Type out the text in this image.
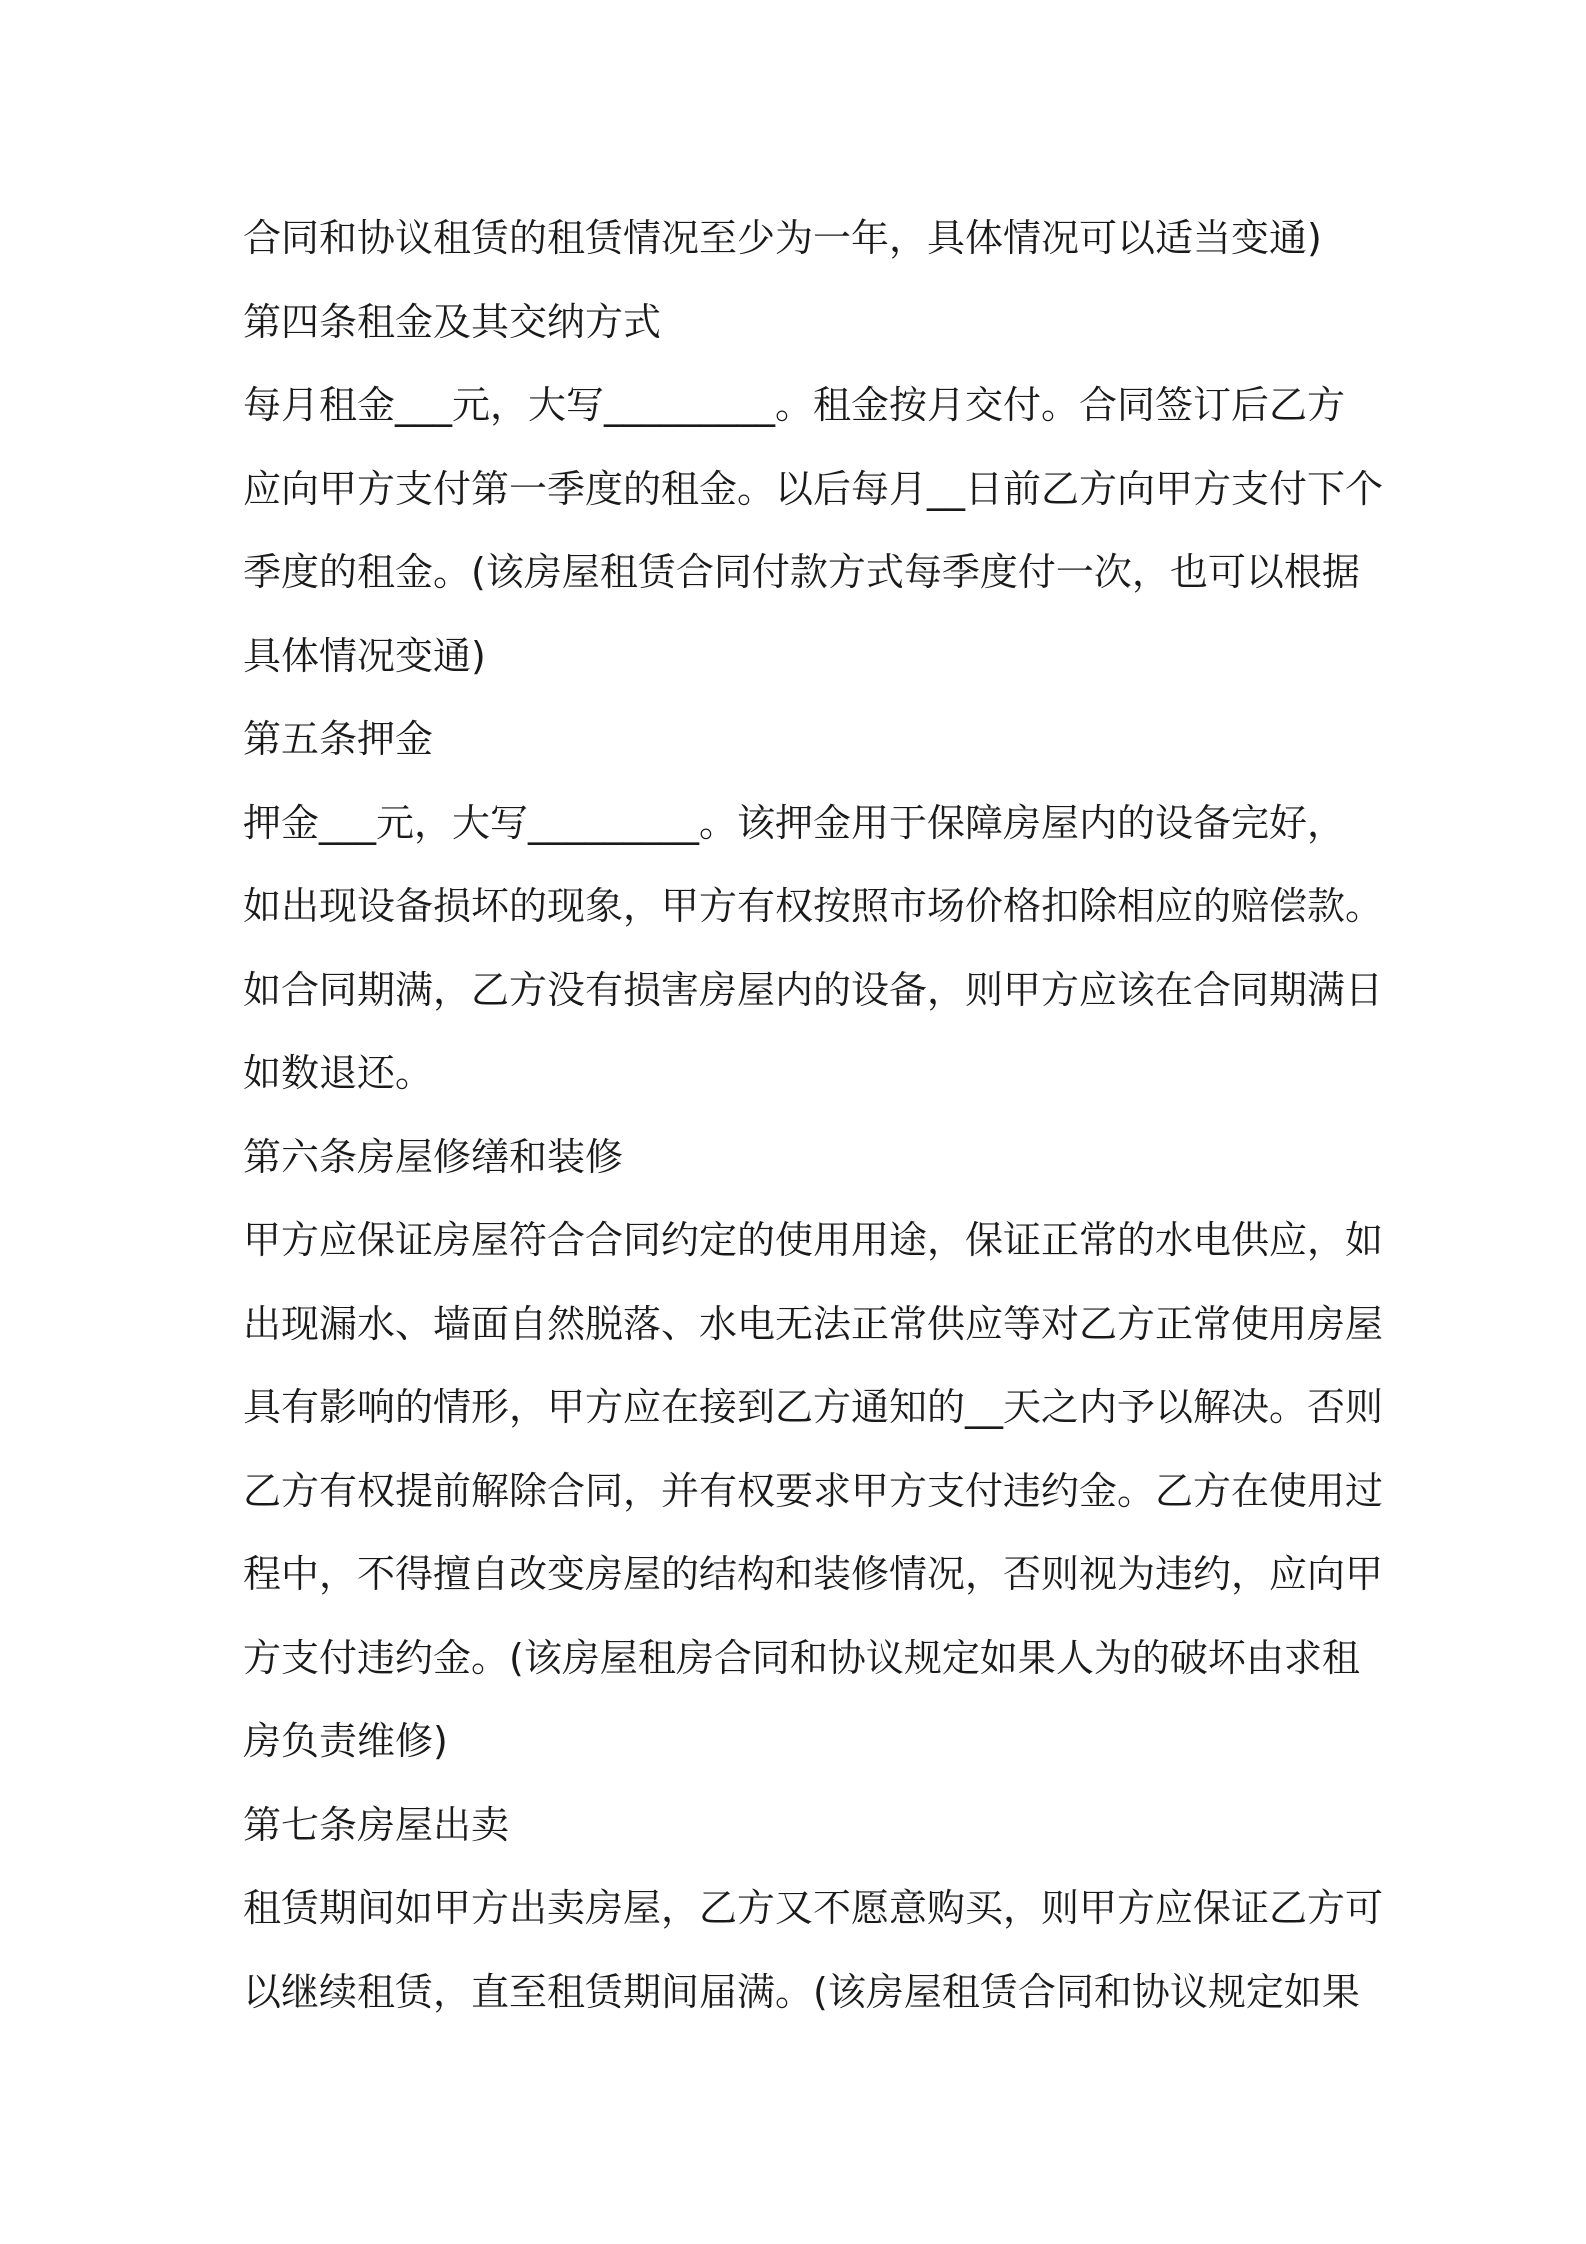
合同和协议租赁的租赁情况至少为一年，具体情况可以适当变通)
第四条租金及其交纳方式
每月租金___元，大写_________。租金按月交付。合同签订后乙方
应向甲方支付第一季度的租金。以后每月__日前乙方向甲方支付下个
季度的租金。(该房屋租赁合同付款方式每季度付一次，也可以根据
具体情况变通)
第五条押金
押金___元，大写_________。该押金用于保障房屋内的设备完好，
如出现设备损坏的现象，甲方有权按照市场价格扣除相应的赔偿款。
如合同期满，乙方没有损害房屋内的设备，则甲方应该在合同期满日
如数退还。
第六条房屋修缮和装修
甲方应保证房屋符合合同约定的使用用途，保证正常的水电供应，如
出现漏水、墙面自然脱落、水电无法正常供应等对乙方正常使用房屋
具有影响的情形，甲方应在接到乙方通知的__天之内予以解决。否则
乙方有权提前解除合同，并有权要求甲方支付违约金。乙方在使用过
程中，不得擅自改变房屋的结构和装修情况，否则视为违约，应向甲
方支付违约金。(该房屋租房合同和协议规定如果人为的破坏由求租
房负责维修)
第七条房屋出卖
租赁期间如甲方出卖房屋，乙方又不愿意购买，则甲方应保证乙方可
以继续租赁，直至租赁期间届满。(该房屋租赁合同和协议规定如果
